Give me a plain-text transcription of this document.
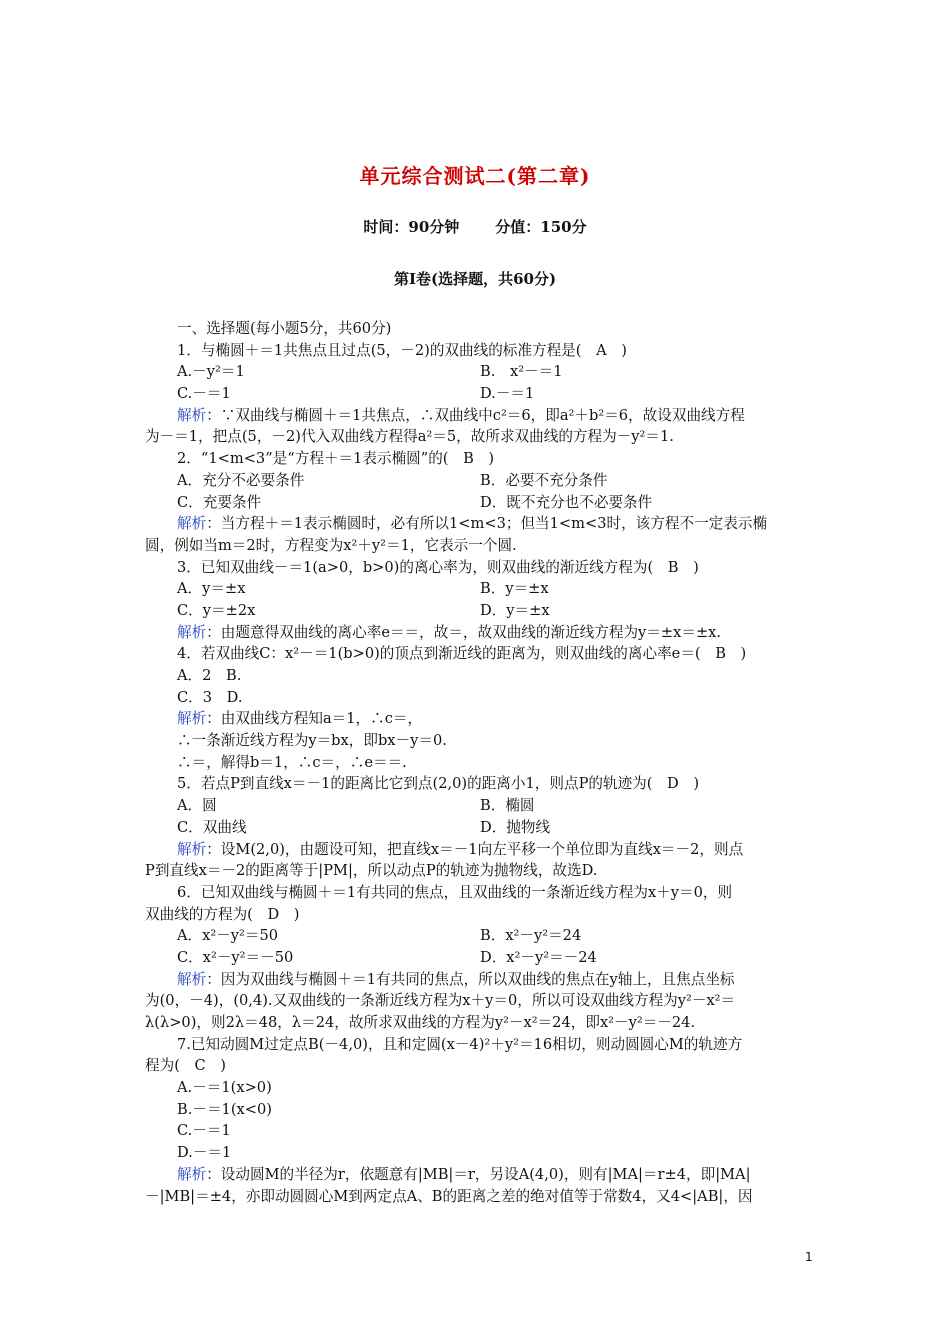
单元综合测试二(第二章)
时间：90分钟 分值：150分
第Ⅰ卷(选择题，共60分)
一、选择题(每小题5分，共60分)
1．与椭圆＋＝1共焦点且过点(5，－2)的双曲线的标准方程是(　A　)
A.－y²＝1	B.　x²－＝1
C.－＝1	D.－＝1
解析：∵双曲线与椭圆＋＝1共焦点，∴双曲线中c²＝6，即a²＋b²＝6，故设双曲线方程
为－＝1，把点(5，－2)代入双曲线方程得a²＝5，故所求双曲线的方程为－y²＝1.
2．“1<m<3”是“方程＋＝1表示椭圆”的(　B　)
A．充分不必要条件	B．必要不充分条件
C．充要条件	D．既不充分也不必要条件
解析：当方程＋＝1表示椭圆时，必有所以1<m<3；但当1<m<3时，该方程不一定表示椭
圆，例如当m＝2时，方程变为x²＋y²＝1，它表示一个圆.
3．已知双曲线－＝1(a>0，b>0)的离心率为，则双曲线的渐近线方程为(　B　)
A．y＝±x	B．y＝±x
C．y＝±2x	D．y＝±x
解析：由题意得双曲线的离心率e＝＝，故＝，故双曲线的渐近线方程为y＝±x＝±x.
4．若双曲线C：x²－＝1(b>0)的顶点到渐近线的距离为，则双曲线的离心率e＝(　B　)
A．2　B.
C．3　D.
解析：由双曲线方程知a＝1，∴c＝，
∴一条渐近线方程为y＝bx，即bx－y＝0.
∴＝，解得b＝1，∴c＝，∴e＝＝.
5．若点P到直线x＝－1的距离比它到点(2,0)的距离小1，则点P的轨迹为(　D　)
A．圆	B．椭圆
C．双曲线	D．抛物线
解析：设M(2,0)，由题设可知，把直线x＝－1向左平移一个单位即为直线x＝－2，则点
P到直线x＝－2的距离等于|PM|，所以动点P的轨迹为抛物线，故选D.
6．已知双曲线与椭圆＋＝1有共同的焦点，且双曲线的一条渐近线方程为x＋y＝0，则
双曲线的方程为(　D　)
A．x²－y²＝50	B．x²－y²＝24
C．x²－y²＝－50	D．x²－y²＝－24
解析：因为双曲线与椭圆＋＝1有共同的焦点，所以双曲线的焦点在y轴上，且焦点坐标
为(0，－4)，(0,4).又双曲线的一条渐近线方程为x＋y＝0，所以可设双曲线方程为y²－x²＝
λ(λ>0)，则2λ＝48，λ＝24，故所求双曲线的方程为y²－x²＝24，即x²－y²＝－24.
7.已知动圆M过定点B(－4,0)，且和定圆(x－4)²＋y²＝16相切，则动圆圆心M的轨迹方
程为(　C　)
A.－＝1(x>0)
B.－＝1(x<0)
C.－＝1
D.－＝1
解析：设动圆M的半径为r，依题意有|MB|＝r，另设A(4,0)，则有|MA|＝r±4，即|MA|
－|MB|＝±4，亦即动圆圆心M到两定点A、B的距离之差的绝对值等于常数4，又4<|AB|，因
1
